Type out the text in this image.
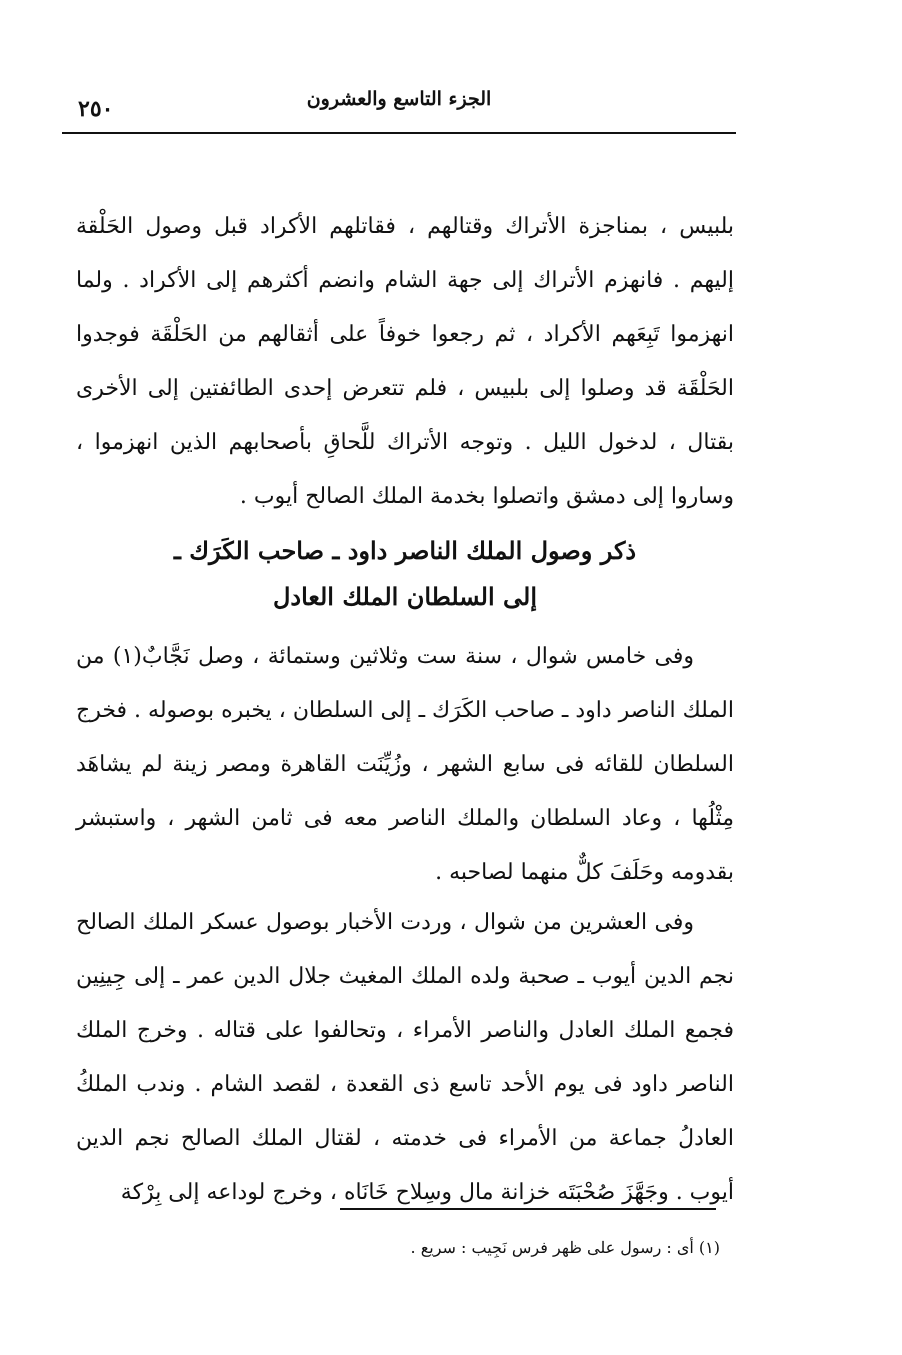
٢٥٠	الجزء التاسع والعشرون

بلبيس ، بمناجزة الأتراك وقتالهم ، فقاتلهم الأكراد قبل وصول الحَلْقة إليهم . فانهزم الأتراك إلى جهة الشام وانضم أكثرهم إلى الأكراد . ولما انهزموا تَبِعَهم الأكراد ، ثم رجعوا خوفاً على أثقالهم من الحَلْقَة فوجدوا الحَلْقَة قد وصلوا إلى بلبيس ، فلم تتعرض إحدى الطائفتين إلى الأخرى بقتال ، لدخول الليل . وتوجه الأتراك للَّحاقِ بأصحابهم الذين انهزموا ، وساروا إلى دمشق واتصلوا بخدمة الملك الصالح أيوب .

ذكر وصول الملك الناصر داود ـ صاحب الكَرَك ـ
إلى السلطان الملك العادل

وفى خامس شوال ، سنة ست وثلاثين وستمائة ، وصل نَجَّابٌ(١) من الملك الناصر داود ـ صاحب الكَرَك ـ إلى السلطان ، يخبره بوصوله . فخرج السلطان للقائه فى سابع الشهر ، وزُيِّنَت القاهرة ومصر زينة لم يشاهَد مِثْلُها ، وعاد السلطان والملك الناصر معه فى ثامن الشهر ، واستبشر بقدومه وحَلَفَ كلٌّ منهما لصاحبه .

وفى العشرين من شوال ، وردت الأخبار بوصول عسكر الملك الصالح نجم الدين أيوب ـ صحبة ولده الملك المغيث جلال الدين عمر ـ إلى جِينِين فجمع الملك العادل والناصر الأمراء ، وتحالفوا على قتاله . وخرج الملك الناصر داود فى يوم الأحد تاسع ذى القعدة ، لقصد الشام . وندب الملكُ العادلُ جماعة من الأمراء فى خدمته ، لقتال الملك الصالح نجم الدين أيوب . وجَهَّزَ صُحْبَتَه خزانة مال وسِلاح خَانَاه ، وخرج لوداعه إلى بِرْكة

(١) أى : رسول على ظهر فرس نَجِيب : سريع .
